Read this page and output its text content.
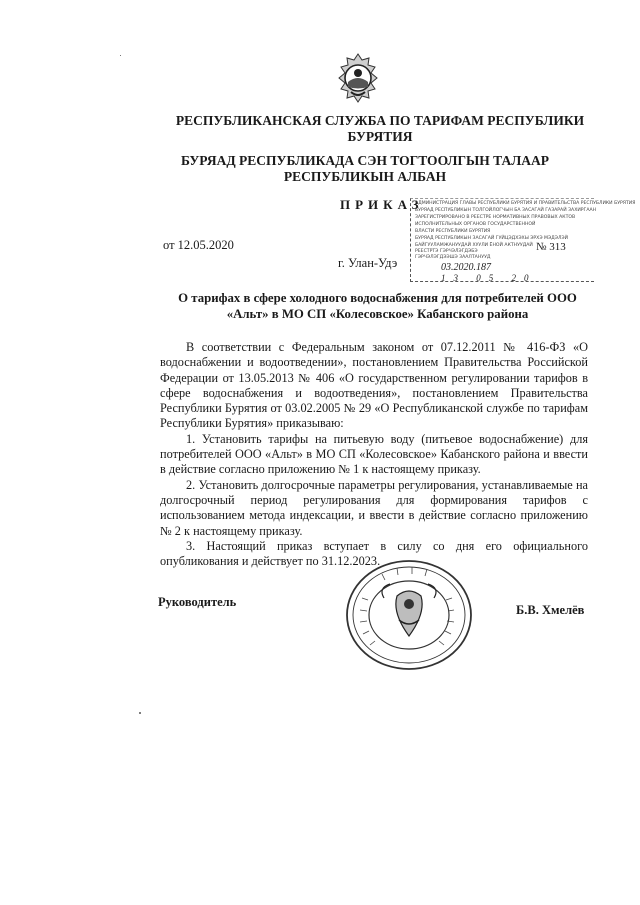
РЕСПУБЛИКАНСКАЯ СЛУЖБА ПО ТАРИФАМ РЕСПУБЛИКИ БУРЯТИЯ
БУРЯАД РЕСПУБЛИКАДА СЭН ТОГТООЛГЫН ТАЛААР РЕСПУБЛИКЫН АЛБАН
ПРИКАЗ
АДМИНИСТРАЦИЯ ГЛАВЫ РЕСПУБЛИКИ БУРЯТИЯ И ПРАВИТЕЛЬСТВА РЕСПУБЛИКИ БУРЯТИЯ
БУРЯАД РЕСПУБЛИКЫН ТОЛГОЙЛОГЧЫН БА ЗАСАГАЙ ГАЗАРАЙ ЗАХИРГААН
ЗАРЕГИСТРИРОВАНО В РЕЕСТРЕ НОРМАТИВНЫХ ПРАВОВЫХ АКТОВ
ИСПОЛНИТЕЛЬНЫХ ОРГАНОВ ГОСУДАРСТВЕННОЙ
ВЛАСТИ РЕСПУБЛИКИ БУРЯТИЯ
БУРЯАД РЕСПУБЛИКЫН ЗАСАГАЙ ГУЙЦЭДХЭХЫ ЭРХЭ МЭДЭЛЭЙ
БАЙГУУЛАМЖАНУУДАЙ ХУУЛИ ЁНОЙ АКТНУУДАЙ
РЕЕСТРТЭ ГЭРЧЭЛЭГДЭБЭ
ГЭРЧЭЛЭГДЭЭШЭ ЗААЛТАНУУД
№ 313
03.2020.187
13 05 20
от 12.05.2020
г. Улан-Удэ
О тарифах в сфере холодного водоснабжения для потребителей ООО «Альт» в МО СП «Колесовское» Кабанского района

В соответствии с Федеральным законом от 07.12.2011 № 416-ФЗ «О водоснабжении и водоотведении», постановлением Правительства Российской Федерации от 13.05.2013 № 406 «О государственном регулировании тарифов в сфере водоснабжения и водоотведения», постановлением Правительства Республики Бурятия от 03.02.2005 № 29 «О Республиканской службе по тарифам Республики Бурятия» приказываю:

1. Установить тарифы на питьевую воду (питьевое водоснабжение) для потребителей ООО «Альт» в МО СП «Колесовское» Кабанского района и ввести в действие согласно приложению № 1 к настоящему приказу.

2. Установить долгосрочные параметры регулирования, устанавливаемые на долгосрочный период регулирования для формирования тарифов с использованием метода индексации, и ввести в действие согласно приложению № 2 к настоящему приказу.

3. Настоящий приказ вступает в силу со дня его официального опубликования и действует по 31.12.2023.

Руководитель
Б.В. Хмелёв
